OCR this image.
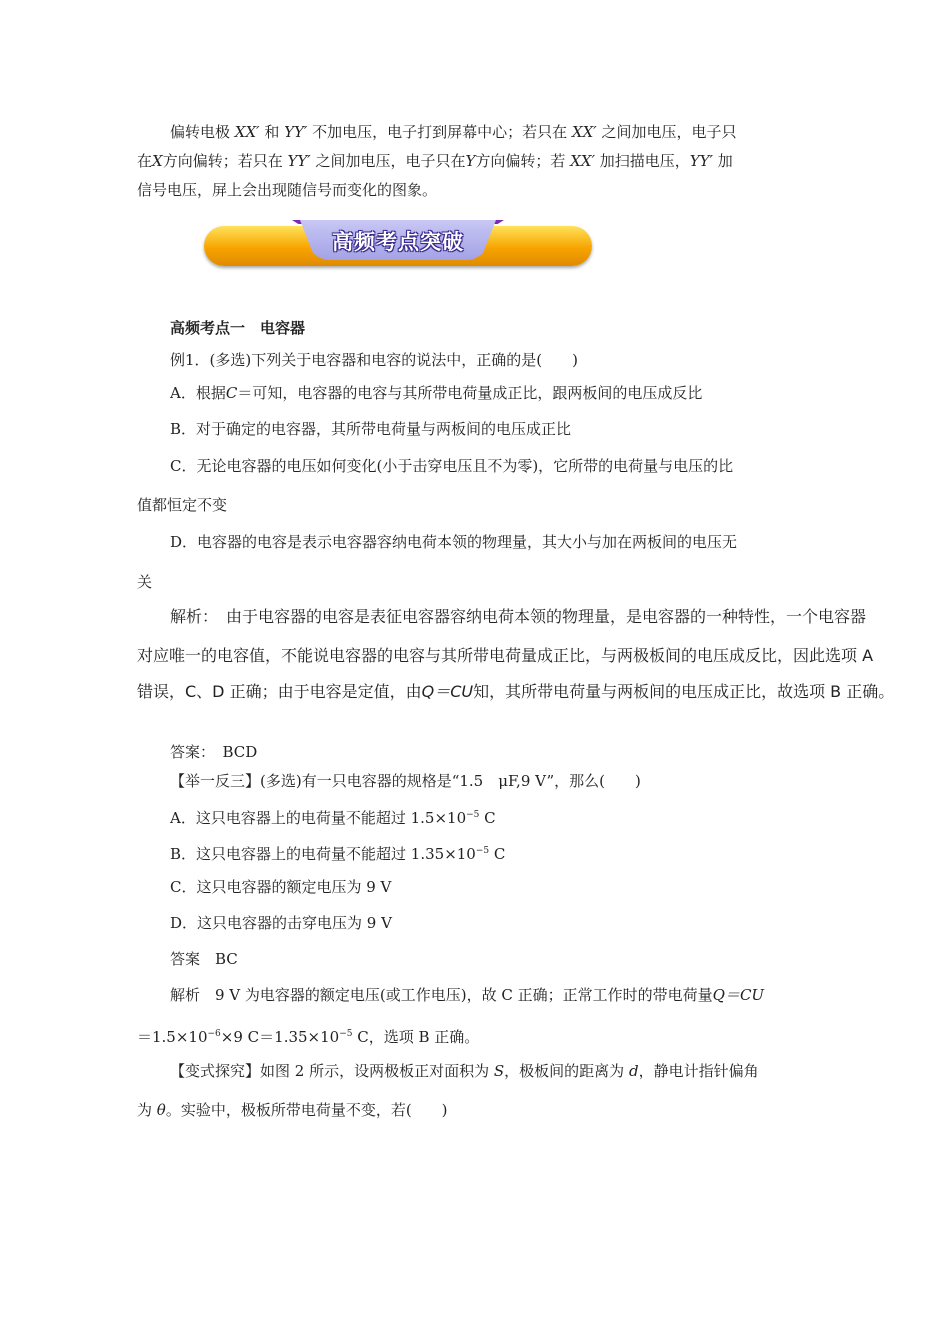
偏转电极 XX′ 和 YY′ 不加电压，电子打到屏幕中心；若只在 XX′ 之间加电压，电子只
在X方向偏转；若只在 YY′ 之间加电压，电子只在Y方向偏转；若 XX′ 加扫描电压，YY′ 加
信号电压，屏上会出现随信号而变化的图象。
高频考点突破
高频考点一　电容器
例1．(多选)下列关于电容器和电容的说法中，正确的是(　　)
A．根据C＝可知，电容器的电容与其所带电荷量成正比，跟两板间的电压成反比
B．对于确定的电容器，其所带电荷量与两板间的电压成正比
C．无论电容器的电压如何变化(小于击穿电压且不为零)，它所带的电荷量与电压的比
值都恒定不变
D．电容器的电容是表示电容器容纳电荷本领的物理量，其大小与加在两板间的电压无
关
解析：　由于电容器的电容是表征电容器容纳电荷本领的物理量，是电容器的一种特性，一个电容器
对应唯一的电容值，不能说电容器的电容与其所带电荷量成正比，与两极板间的电压成反比，因此选项 A
错误，C、D 正确；由于电容是定值，由Q＝CU知，其所带电荷量与两板间的电压成正比，故选项 B 正确。
答案：　BCD
【举一反三】(多选)有一只电容器的规格是“1.5　μF,9 V”，那么(　　)
A．这只电容器上的电荷量不能超过 $1.5\times 10^{-5}$ C
B．这只电容器上的电荷量不能超过 $1.35\times 10^{-5}$ C
C．这只电容器的额定电压为 9 V
D．这只电容器的击穿电压为 9 V
答案　BC
解析　9 V 为电容器的额定电压(或工作电压)，故 C 正确；正常工作时的带电荷量Q＝CU
$=1.5\times 10^{-6}\times 9$ $C=1.35\times 10^{-5}$ C，选项 B 正确。
【变式探究】如图 2 所示，设两极板正对面积为 S，极板间的距离为 d，静电计指针偏角
为 θ。实验中，极板所带电荷量不变，若(　　)
